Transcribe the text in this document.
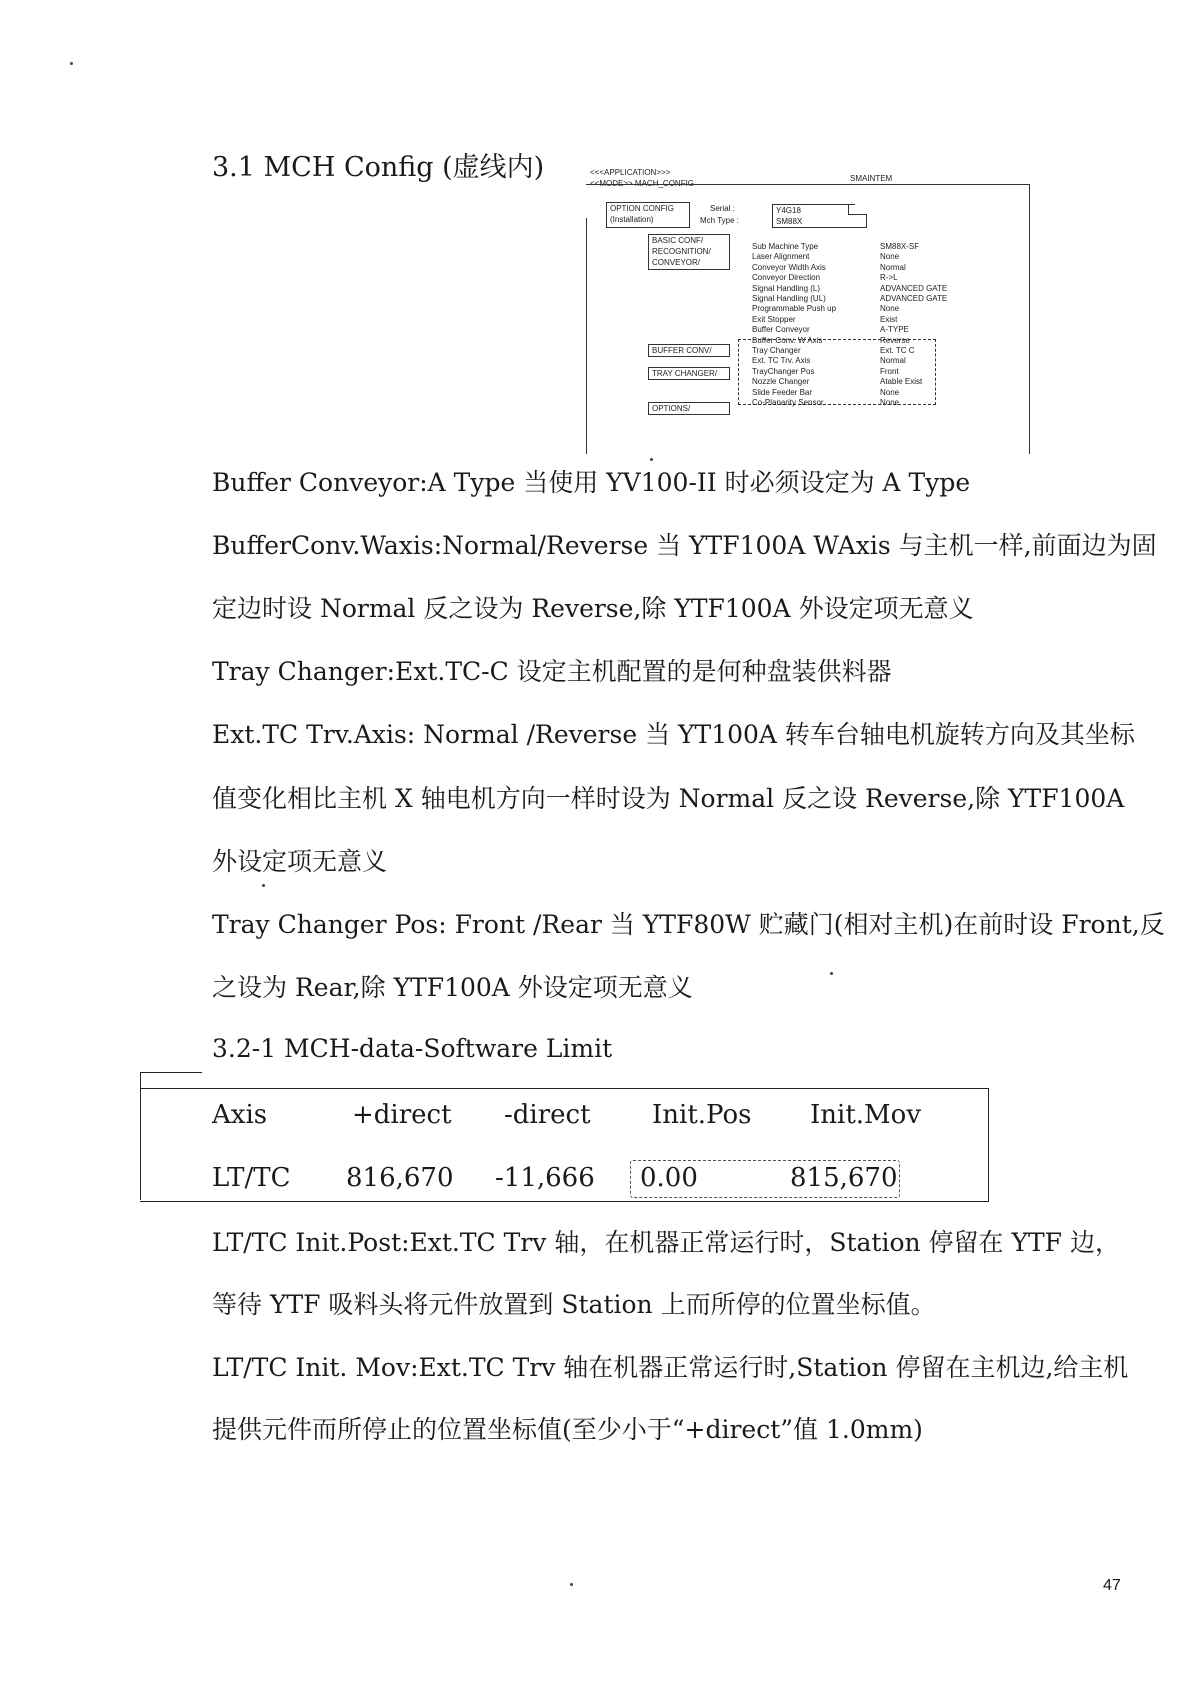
3.1 MCH Config (虚线内)	<<<APPLICATION>>>
SMAINTEM
<<MODE>> MACH_CONFIG
OPTION CONFIG
(Installation)
Serial :
Mch Type :
Y4G18
SM88X
BASIC CONF/
RECOGNITION/
CONVEYOR/
BUFFER CONV/
TRAY CHANGER/
OPTIONS/
Sub Machine Type	SM88X-SF
Laser Alignment	None
Conveyor Width Axis	Normal
Conveyor Direction	R->L
Signal Handling (L)	ADVANCED GATE
Signal Handling (UL)	ADVANCED GATE
Programmable Push up	None
Exit Stopper	Exist
Buffer Conveyor	A-TYPE
Buffer Conv. W Axis	Reverse
Tray Changer	Ext. TC C
Ext. TC Trv. Axis	Normal
TrayChanger Pos	Front
Nozzle Changer	Atable Exist
Slide Feeder Bar	None
Co-Planarity Sensor	None
Buffer Conveyor:A Type 当使用 YV100-II 时必须设定为 A Type
BufferConv.Waxis:Normal/Reverse 当 YTF100A WAxis 与主机一样,前面边为固
定边时设 Normal 反之设为 Reverse,除 YTF100A 外设定项无意义
Tray Changer:Ext.TC-C 设定主机配置的是何种盘装供料器
Ext.TC Trv.Axis: Normal /Reverse 当 YT100A 转车台轴电机旋转方向及其坐标
值变化相比主机 X 轴电机方向一样时设为 Normal 反之设 Reverse,除 YTF100A
外设定项无意义
Tray Changer Pos: Front /Rear 当 YTF80W 贮藏门(相对主机)在前时设 Front,反
之设为 Rear,除 YTF100A 外设定项无意义
3.2-1 MCH-data-Software Limit
Axis	+direct -direct Init.Pos Init.Mov
LT/TC 816,670 -11,666 0.00	815,670
LT/TC Init.Post:Ext.TC Trv 轴，在机器正常运行时，Station 停留在 YTF 边，
等待 YTF 吸料头将元件放置到 Station 上而所停的位置坐标值。
LT/TC Init. Mov:Ext.TC Trv 轴在机器正常运行时,Station 停留在主机边,给主机
提供元件而所停止的位置坐标值(至少小于“+direct”值 1.0mm)
47
